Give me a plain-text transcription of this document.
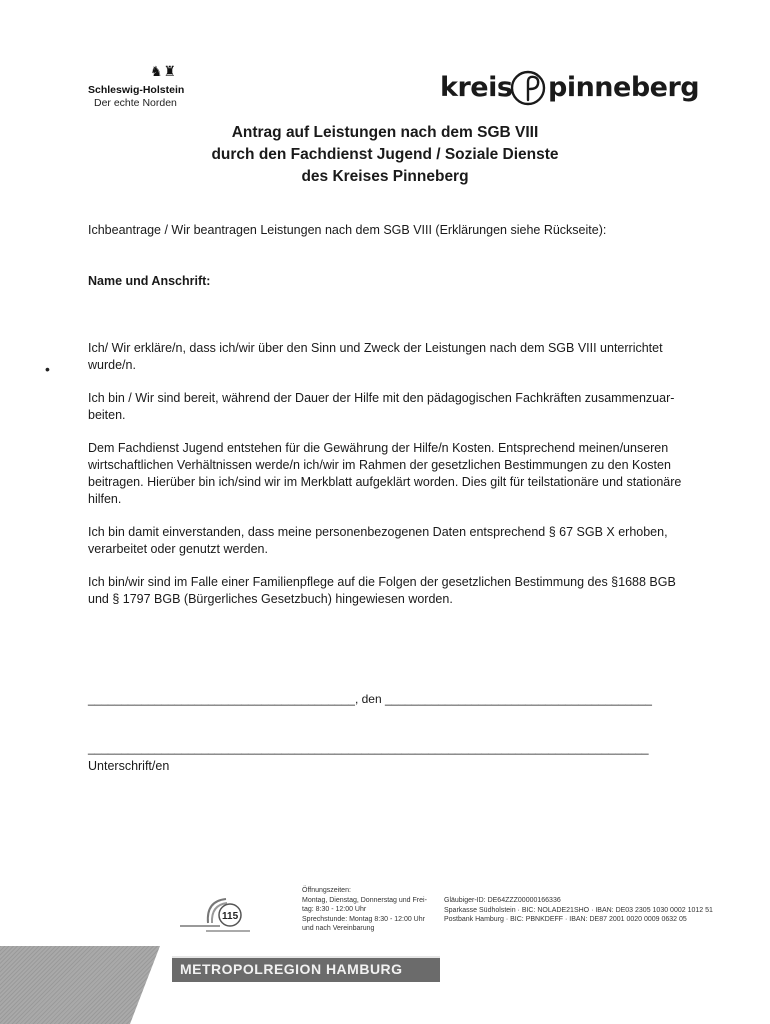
♞♜
Schleswig-Holstein
Der echte Norden	kreis pinneberg
Antrag auf Leistungen nach dem SGB VIII
durch den Fachdienst Jugend / Soziale Dienste
des Kreises Pinneberg
Ichbeantrage / Wir beantragen Leistungen nach dem SGB VIII (Erklärungen siehe Rückseite):
Name und Anschrift:
•
Ich/ Wir erkläre/n, dass ich/wir über den Sinn und Zweck der Leistungen nach dem SGB VIII unterrichtet wurde/n.
Ich bin / Wir sind bereit, während der Dauer der Hilfe mit den pädagogischen Fachkräften zusammenzuar-beiten.
Dem Fachdienst Jugend entstehen für die Gewährung der Hilfe/n Kosten. Entsprechend meinen/unseren wirtschaftlichen Verhältnissen werde/n ich/wir im Rahmen der gesetzlichen Bestimmungen zu den Kosten beitragen. Hierüber bin ich/sind wir im Merkblatt aufgeklärt worden. Dies gilt für teilstationäre und stationäre hilfen.
Ich bin damit einverstanden, dass meine personenbezogenen Daten entsprechend § 67 SGB X erhoben, verarbeitet oder genutzt werden.
Ich bin/wir sind im Falle einer Familienpflege auf die Folgen der gesetzlichen Bestimmung des §1688 BGB und § 1797 BGB (Bürgerliches Gesetzbuch) hingewiesen worden.
________________________________________, den ________________________________________
____________________________________________________________________________________
Unterschrift/en
115
Öffnungszeiten:
Montag, Dienstag, Donnerstag und Frei-
tag: 8:30 - 12:00 Uhr
Sprechstunde: Montag 8:30 - 12:00 Uhr
und nach Vereinbarung
Gläubiger-ID: DE64ZZZ00000166336
Sparkasse Südholstein · BIC: NOLADE21SHO · IBAN: DE03 2305 1030 0002 1012 51
Postbank Hamburg · BIC: PBNKDEFF · IBAN: DE87 2001 0020 0009 0632 05
METROPOLREGION HAMBURG
